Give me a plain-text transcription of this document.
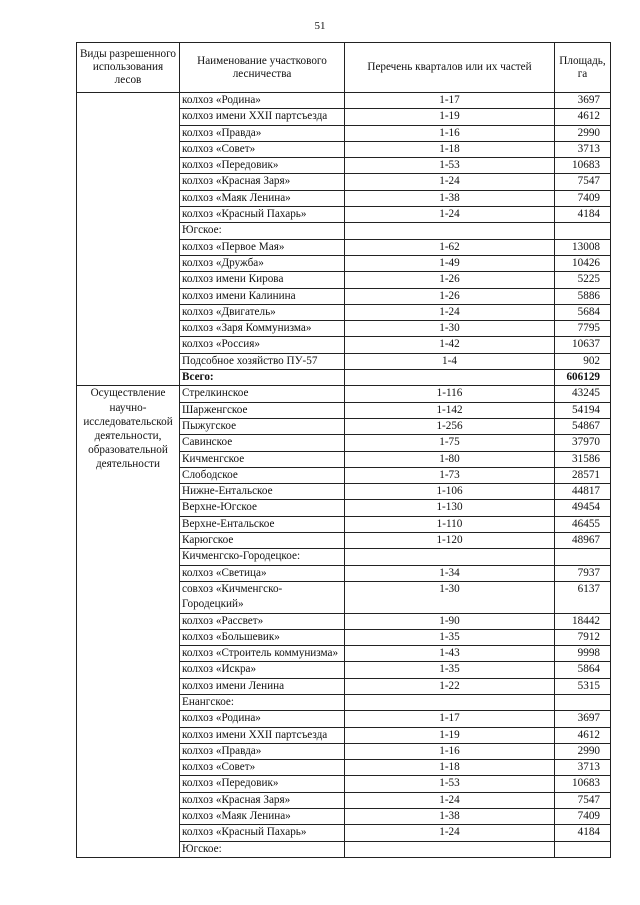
51
Виды разрешенного использования лесов	Наименование участкового лесничества	Перечень кварталов или их частей	Площадь, га
	колхоз «Родина»	1-17	3697
	колхоз имени XXII партсъезда	1-19	4612
	колхоз «Правда»	1-16	2990
	колхоз «Совет»	1-18	3713
	колхоз «Передовик»	1-53	10683
	колхоз «Красная Заря»	1-24	7547
	колхоз «Маяк Ленина»	1-38	7409
	колхоз «Красный Пахарь»	1-24	4184
	Югское:		
	колхоз «Первое Мая»	1-62	13008
	колхоз «Дружба»	1-49	10426
	колхоз имени Кирова	1-26	5225
	колхоз имени Калинина	1-26	5886
	колхоз «Двигатель»	1-24	5684
	колхоз «Заря Коммунизма»	1-30	7795
	колхоз «Россия»	1-42	10637
	Подсобное хозяйство ПУ-57	1-4	902
	Всего:		606129
Осуществление научно-исследовательской деятельности, образовательной деятельности	Стрелкинское	1-116	43245
	Шарженгское	1-142	54194
	Пыжугское	1-256	54867
	Савинское	1-75	37970
	Кичменгское	1-80	31586
	Слободское	1-73	28571
	Нижне-Ентальское	1-106	44817
	Верхне-Югское	1-130	49454
	Верхне-Ентальское	1-110	46455
	Карюгское	1-120	48967
	Кичменгско-Городецкое:		
	колхоз «Светица»	1-34	7937
	совхоз «Кичменгско-Городецкий»	1-30	6137
	колхоз «Рассвет»	1-90	18442
	колхоз «Большевик»	1-35	7912
	колхоз «Строитель коммунизма»	1-43	9998
	колхоз «Искра»	1-35	5864
	колхоз имени Ленина	1-22	5315
	Енангское:		
	колхоз «Родина»	1-17	3697
	колхоз имени XXII партсъезда	1-19	4612
	колхоз «Правда»	1-16	2990
	колхоз «Совет»	1-18	3713
	колхоз «Передовик»	1-53	10683
	колхоз «Красная Заря»	1-24	7547
	колхоз «Маяк Ленина»	1-38	7409
	колхоз «Красный Пахарь»	1-24	4184
	Югское:		
